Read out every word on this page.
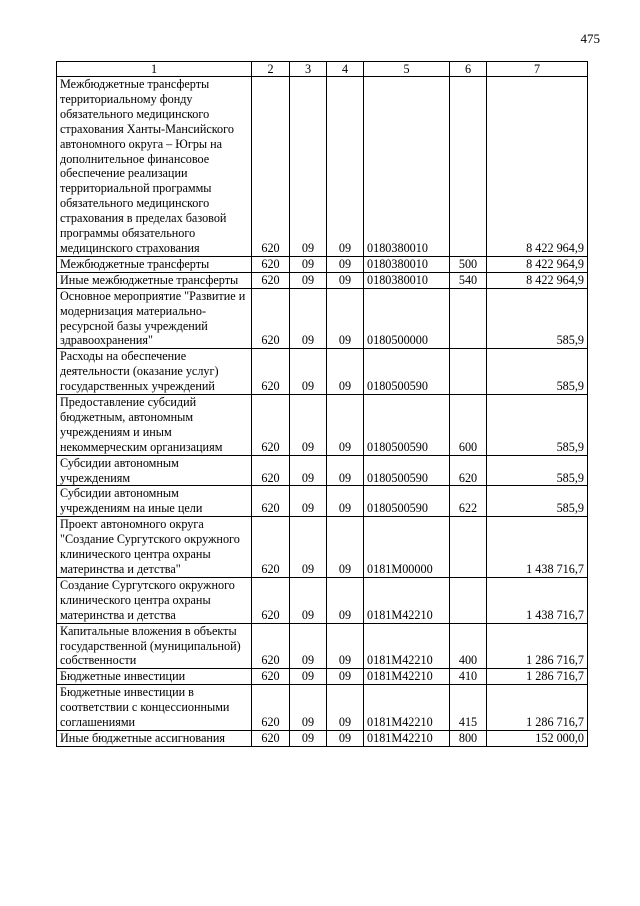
475
1	2	3	4	5	6	7
Межбюджетные трансферты территориальному фонду обязательного медицинского страхования Ханты-Мансийского автономного округа – Югры на дополнительное финансовое обеспечение реализации территориальной программы обязательного медицинского страхования в пределах базовой программы обязательного медицинского страхования	620	09	09	0180380010		8 422 964,9
Межбюджетные трансферты	620	09	09	0180380010	500	8 422 964,9
Иные межбюджетные трансферты	620	09	09	0180380010	540	8 422 964,9
Основное мероприятие "Развитие и модернизация материально-ресурсной базы учреждений здравоохранения"	620	09	09	0180500000		585,9
Расходы на обеспечение деятельности (оказание услуг) государственных учреждений	620	09	09	0180500590		585,9
Предоставление субсидий бюджетным, автономным учреждениям и иным некоммерческим организациям	620	09	09	0180500590	600	585,9
Субсидии автономным учреждениям	620	09	09	0180500590	620	585,9
Субсидии автономным учреждениям на иные цели	620	09	09	0180500590	622	585,9
Проект автономного округа "Создание Сургутского окружного клинического центра охраны материнства и детства"	620	09	09	0181М00000		1 438 716,7
Создание Сургутского окружного клинического центра охраны материнства и детства	620	09	09	0181М42210		1 438 716,7
Капитальные вложения в объекты государственной (муниципальной) собственности	620	09	09	0181М42210	400	1 286 716,7
Бюджетные инвестиции	620	09	09	0181М42210	410	1 286 716,7
Бюджетные инвестиции в соответствии с концессионными соглашениями	620	09	09	0181М42210	415	1 286 716,7
Иные бюджетные ассигнования	620	09	09	0181М42210	800	152 000,0
